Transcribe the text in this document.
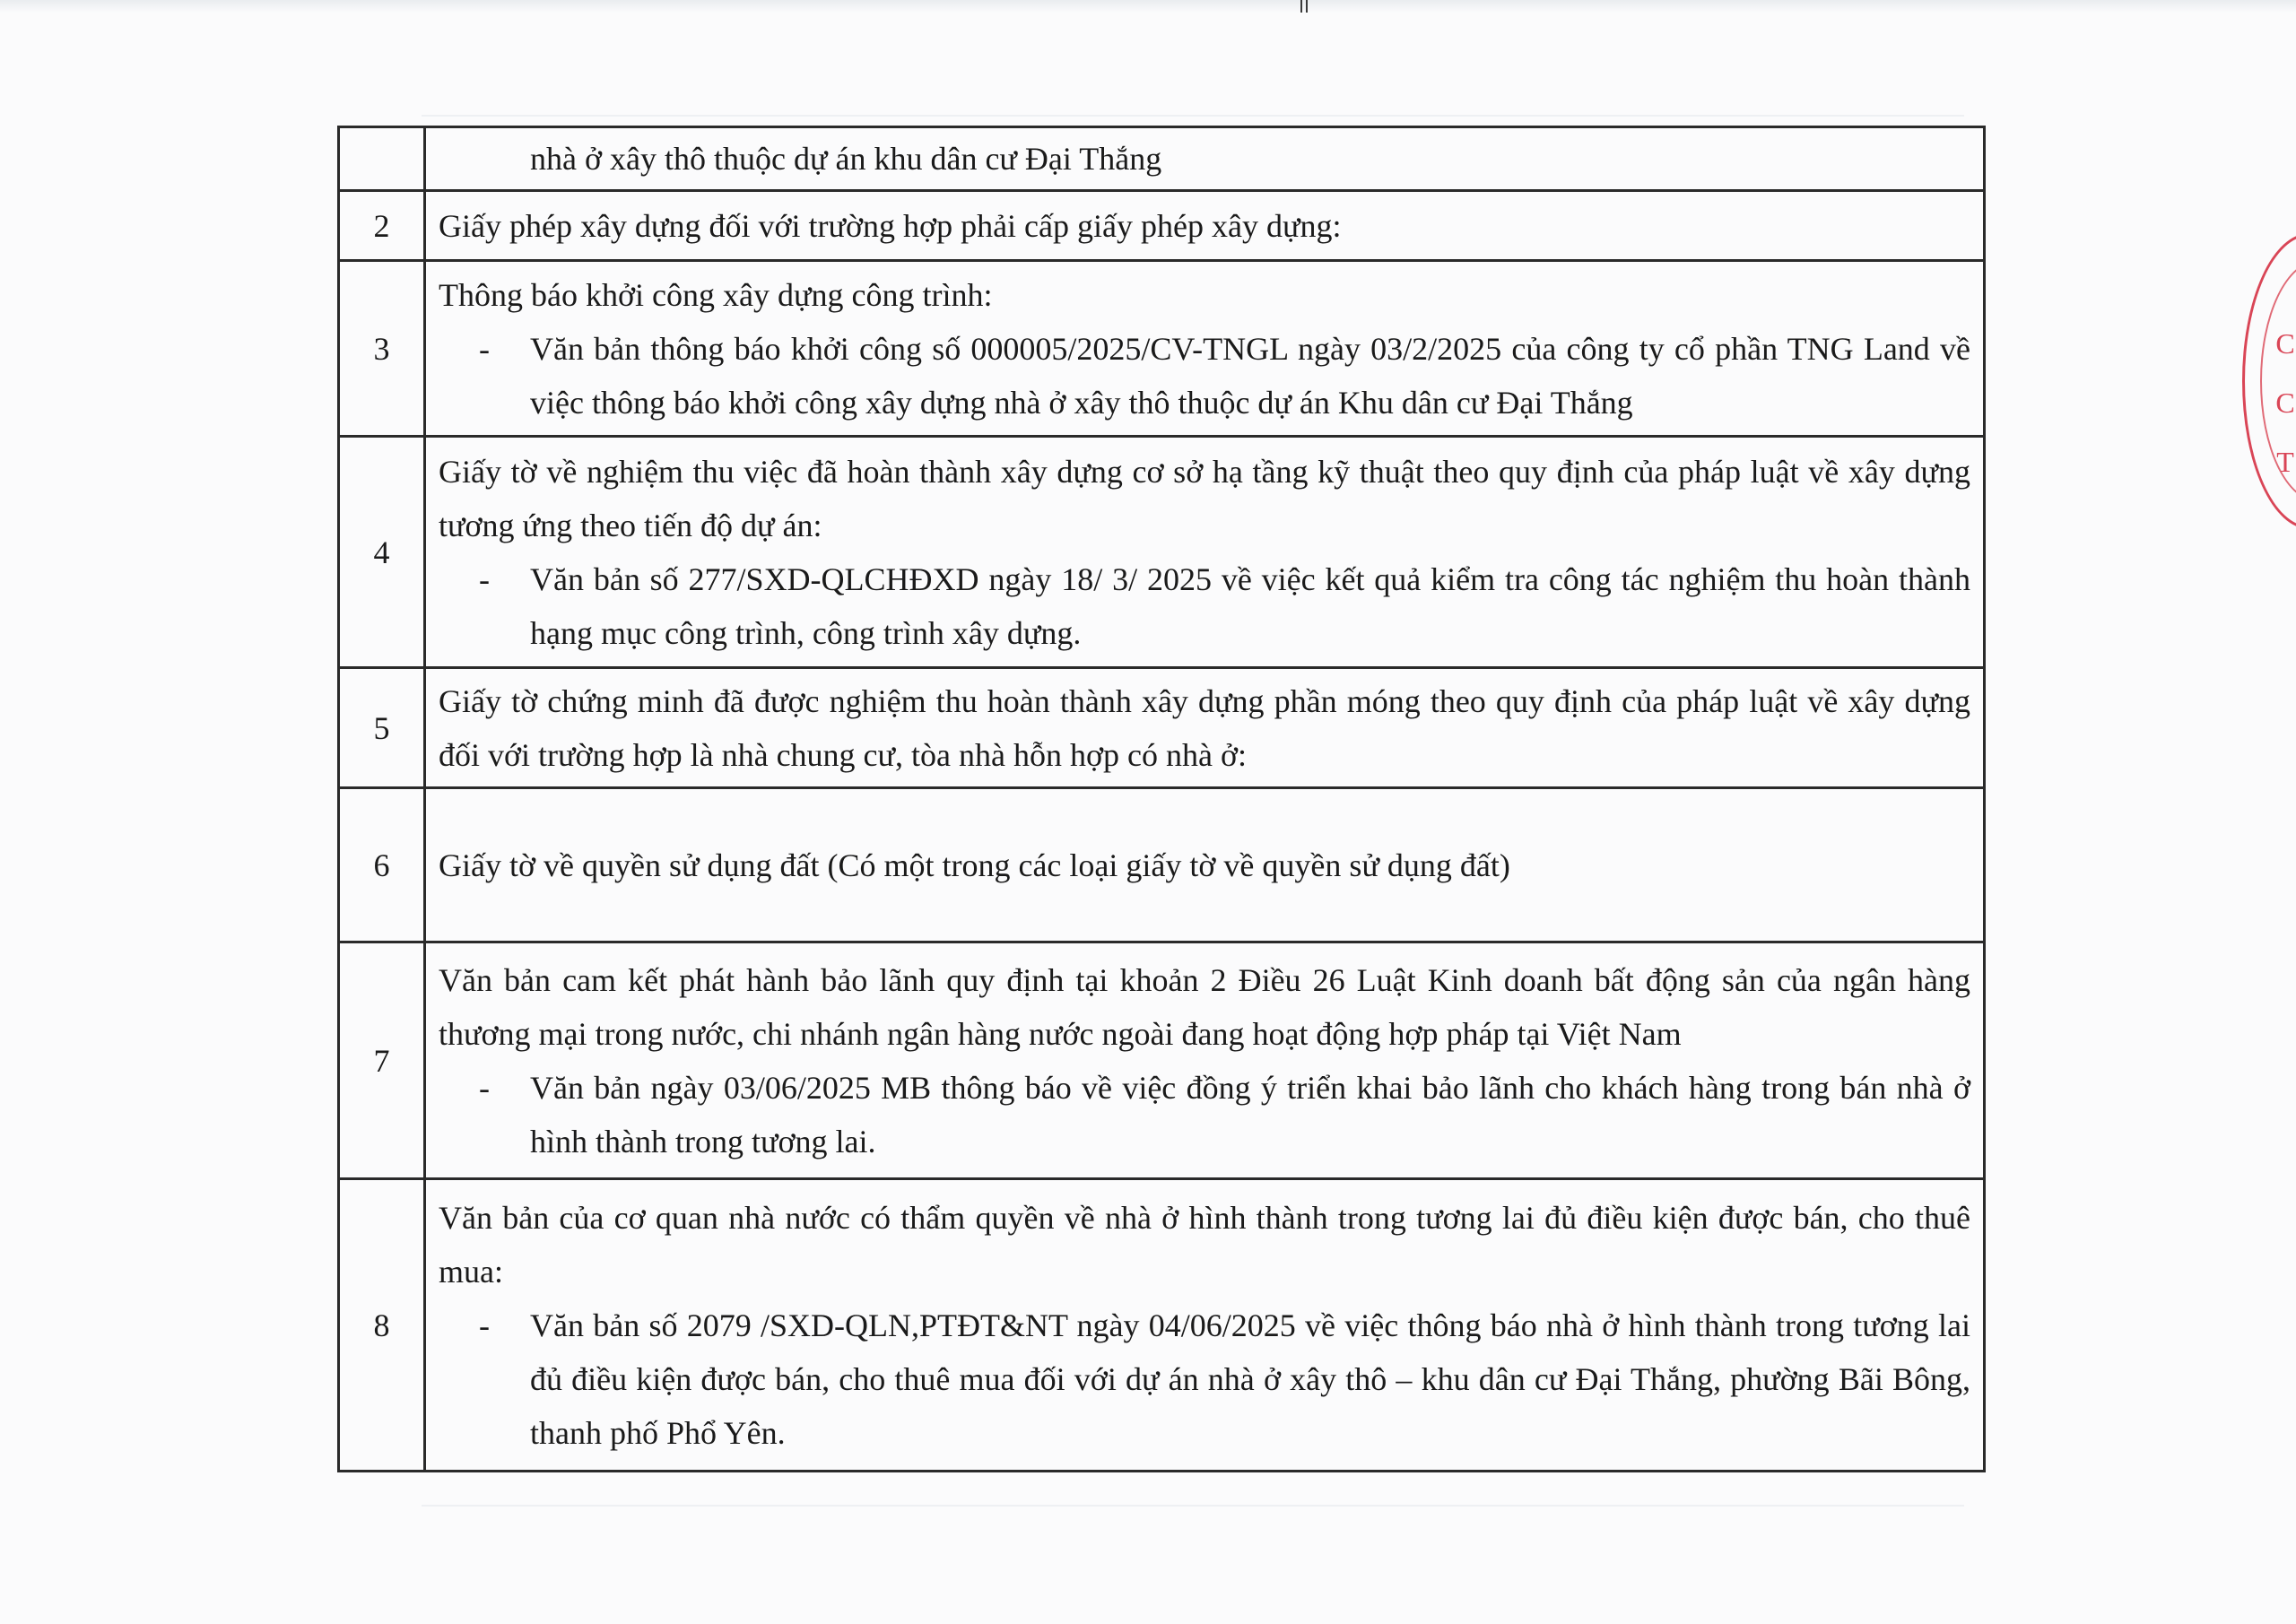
	nhà ở xây thô thuộc dự án khu dân cư Đại Thắng

2	Giấy phép xây dựng đối với trường hợp phải cấp giấy phép xây dựng:

3	Thông báo khởi công xây dựng công trình:
- Văn bản thông báo khởi công số 000005/2025/CV-TNGL ngày 03/2/2025 của công ty cổ phần TNG Land về việc thông báo khởi công xây dựng nhà ở xây thô thuộc dự án Khu dân cư Đại Thắng

4	Giấy tờ về nghiệm thu việc đã hoàn thành xây dựng cơ sở hạ tầng kỹ thuật theo quy định của pháp luật về xây dựng tương ứng theo tiến độ dự án:
- Văn bản số 277/SXD-QLCHĐXD ngày 18/ 3/ 2025 về việc kết quả kiểm tra công tác nghiệm thu hoàn thành hạng mục công trình, công trình xây dựng.

5	Giấy tờ chứng minh đã được nghiệm thu hoàn thành xây dựng phần móng theo quy định của pháp luật về xây dựng đối với trường hợp là nhà chung cư, tòa nhà hỗn hợp có nhà ở:

6	Giấy tờ về quyền sử dụng đất (Có một trong các loại giấy tờ về quyền sử dụng đất)

7	Văn bản cam kết phát hành bảo lãnh quy định tại khoản 2 Điều 26 Luật Kinh doanh bất động sản của ngân hàng thương mại trong nước, chi nhánh ngân hàng nước ngoài đang hoạt động hợp pháp tại Việt Nam
- Văn bản ngày 03/06/2025 MB thông báo về việc đồng ý triển khai bảo lãnh cho khách hàng trong bán nhà ở hình thành trong tương lai.

8	Văn bản của cơ quan nhà nước có thẩm quyền về nhà ở hình thành trong tương lai đủ điều kiện được bán, cho thuê mua:
- Văn bản số 2079 /SXD-QLN,PTĐT&NT ngày 04/06/2025 về việc thông báo nhà ở hình thành trong tương lai đủ điều kiện được bán, cho thuê mua đối với dự án nhà ở xây thô – khu dân cư Đại Thắng, phường Bãi Bông, thanh phố Phổ Yên.
C
C
T
